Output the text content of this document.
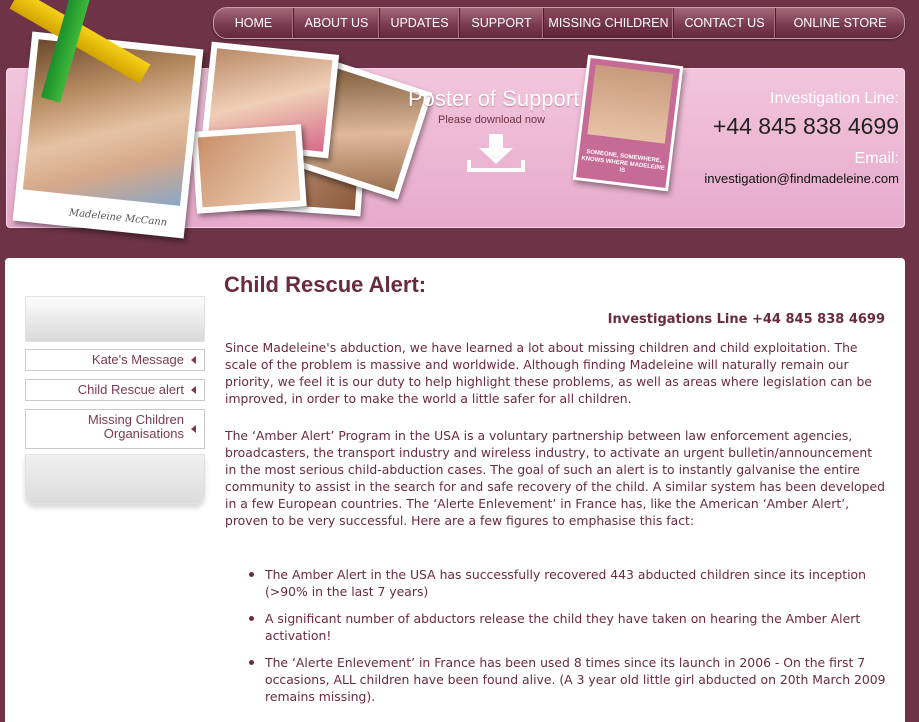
HOME	ABOUT US	UPDATES	SUPPORT	MISSING CHILDREN	CONTACT US	ONLINE STORE
Madeleine McCann
Poster of Support
Please download now
SOMEONE, SOMEWHERE, KNOWS WHERE MADELEINE IS
Investigation Line:
+44 845 838 4699
Email:
investigation@findmadeleine.com
Kate's Message
Child Rescue alert
Missing Children Organisations
Child Rescue Alert:
Investigations Line +44 845 838 4699

Since Madeleine's abduction, we have learned a lot about missing children and child exploitation. The scale of the problem is massive and worldwide. Although finding Madeleine will naturally remain our priority, we feel it is our duty to help highlight these problems, as well as areas where legislation can be improved, in order to make the world a little safer for all children.

The ‘Amber Alert’ Program in the USA is a voluntary partnership between law enforcement agencies, broadcasters, the transport industry and wireless industry, to activate an urgent bulletin/announcement in the most serious child-abduction cases. The goal of such an alert is to instantly galvanise the entire community to assist in the search for and safe recovery of the child. A similar system has been developed in a few European countries. The ‘Alerte Enlevement’ in France has, like the American ‘Amber Alert’, proven to be very successful. Here are a few figures to emphasise this fact:

The Amber Alert in the USA has successfully recovered 443 abducted children since its inception (>90% in the last 7 years)
A significant number of abductors release the child they have taken on hearing the Amber Alert activation!
The ‘Alerte Enlevement’ in France has been used 8 times since its launch in 2006 - On the first 7 occasions, ALL children have been found alive. (A 3 year old little girl abducted on 20th March 2009 remains missing).
